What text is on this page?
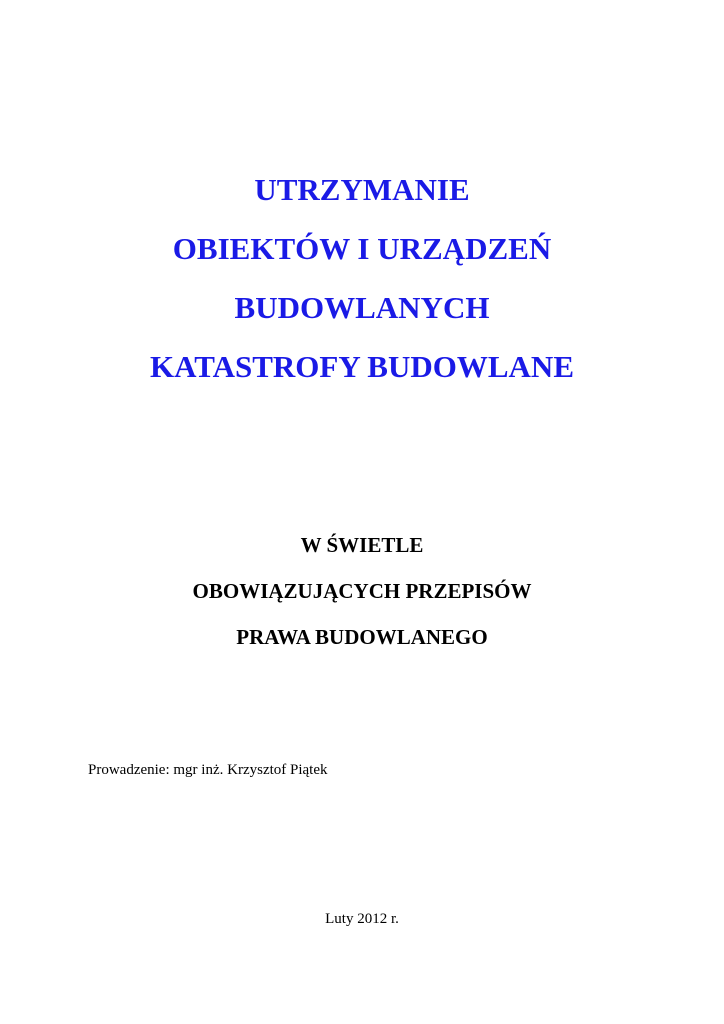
UTRZYMANIE
OBIEKTÓW I URZĄDZEŃ
BUDOWLANYCH
KATASTROFY BUDOWLANE
W ŚWIETLE
OBOWIĄZUJĄCYCH PRZEPISÓW
PRAWA BUDOWLANEGO
Prowadzenie: mgr inż. Krzysztof Piątek
Luty 2012 r.
